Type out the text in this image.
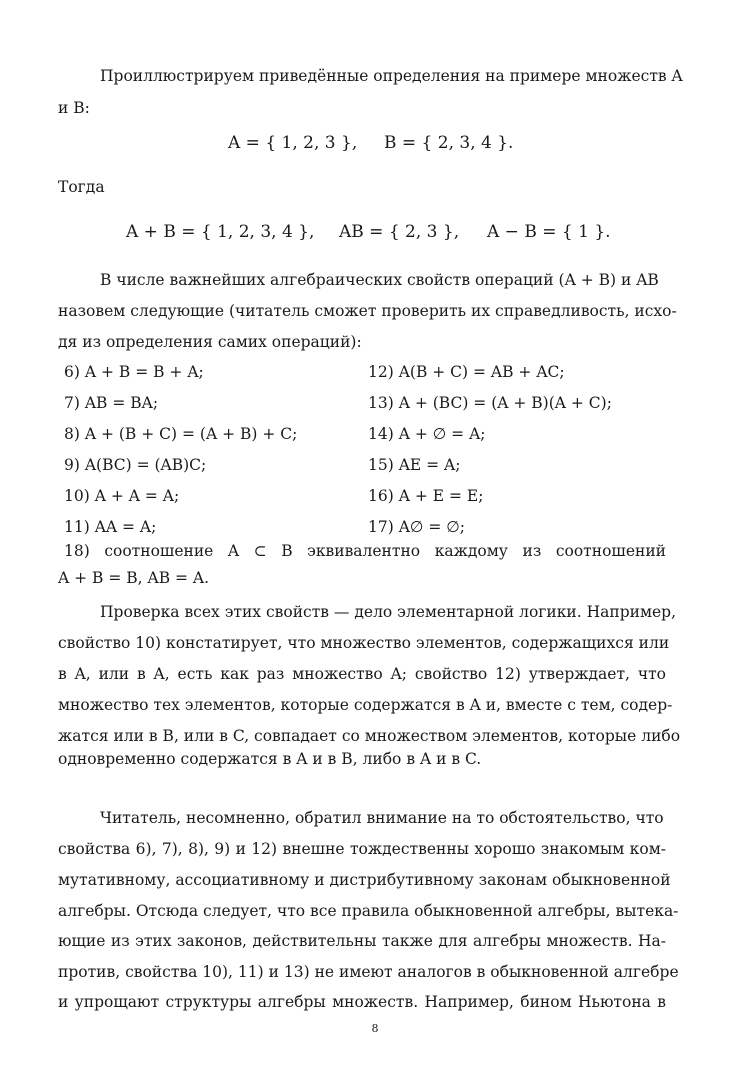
Проиллюстрируем приведённые определения на примере множеств A
и B:
A = { 1, 2, 3 }, B = { 2, 3, 4 }.
Тогда
A + B = { 1, 2, 3, 4 }, AB = { 2, 3 }, A − B = { 1 }.
В числе важнейших алгебраических свойств операций (A + B) и AB
назовем следующие (читатель сможет проверить их справедливость, исхо-
дя из определения самих операций):
6) A + B = B + A;
7) AB = BA;
8) A + (B + C) = (A + B) + C;
9) A(BC) = (AB)C;
10) A + A = A;
11) AA = A;
12) A(B + C) = AB + AC;
13) A + (BC) = (A + B)(A + C);
14) A + ∅ = A;
15) AE = A;
16) A + E = E;
17) A∅ = ∅;
18) соотношение A ⊂ B эквивалентно каждому из соотношений
A + B = B, AB = A.
Проверка всех этих свойств — дело элементарной логики. Например,
свойство 10) констатирует, что множество элементов, содержащихся или
в A, или в A, есть как раз множество A; свойство 12) утверждает, что
множество тех элементов, которые содержатся в A и, вместе с тем, содер-
жатся или в B, или в C, совпадает со множеством элементов, которые либо
одновременно содержатся в A и в B, либо в A и в C.
Читатель, несомненно, обратил внимание на то обстоятельство, что
свойства 6), 7), 8), 9) и 12) внешне тождественны хорошо знакомым ком-
мутативному, ассоциативному и дистрибутивному законам обыкновенной
алгебры. Отсюда следует, что все правила обыкновенной алгебры, вытека-
ющие из этих законов, действительны также для алгебры множеств. На-
против, свойства 10), 11) и 13) не имеют аналогов в обыкновенной алгебре
и упрощают структуры алгебры множеств. Например, бином Ньютона в
8
